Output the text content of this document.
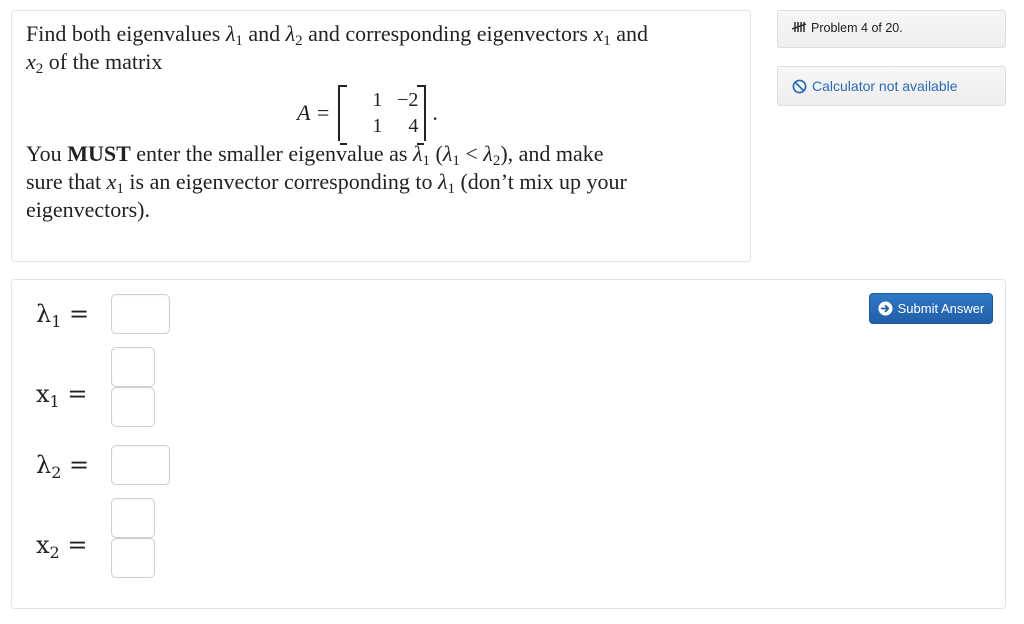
Find both eigenvalues λ1 and λ2 and corresponding eigenvectors x1 and
x2 of the matrix
A =	1 −2
1	4
.
You MUST enter the smaller eigenvalue as λ1 (λ1 < λ2), and make
sure that x1 is an eigenvector corresponding to λ1 (don’t mix up your
eigenvectors).
Problem 4 of 20.
Calculator not available
$\lambda_1$ =
$x_1$ =
$\lambda_2$ =
$x_2$ =
Submit Answer
